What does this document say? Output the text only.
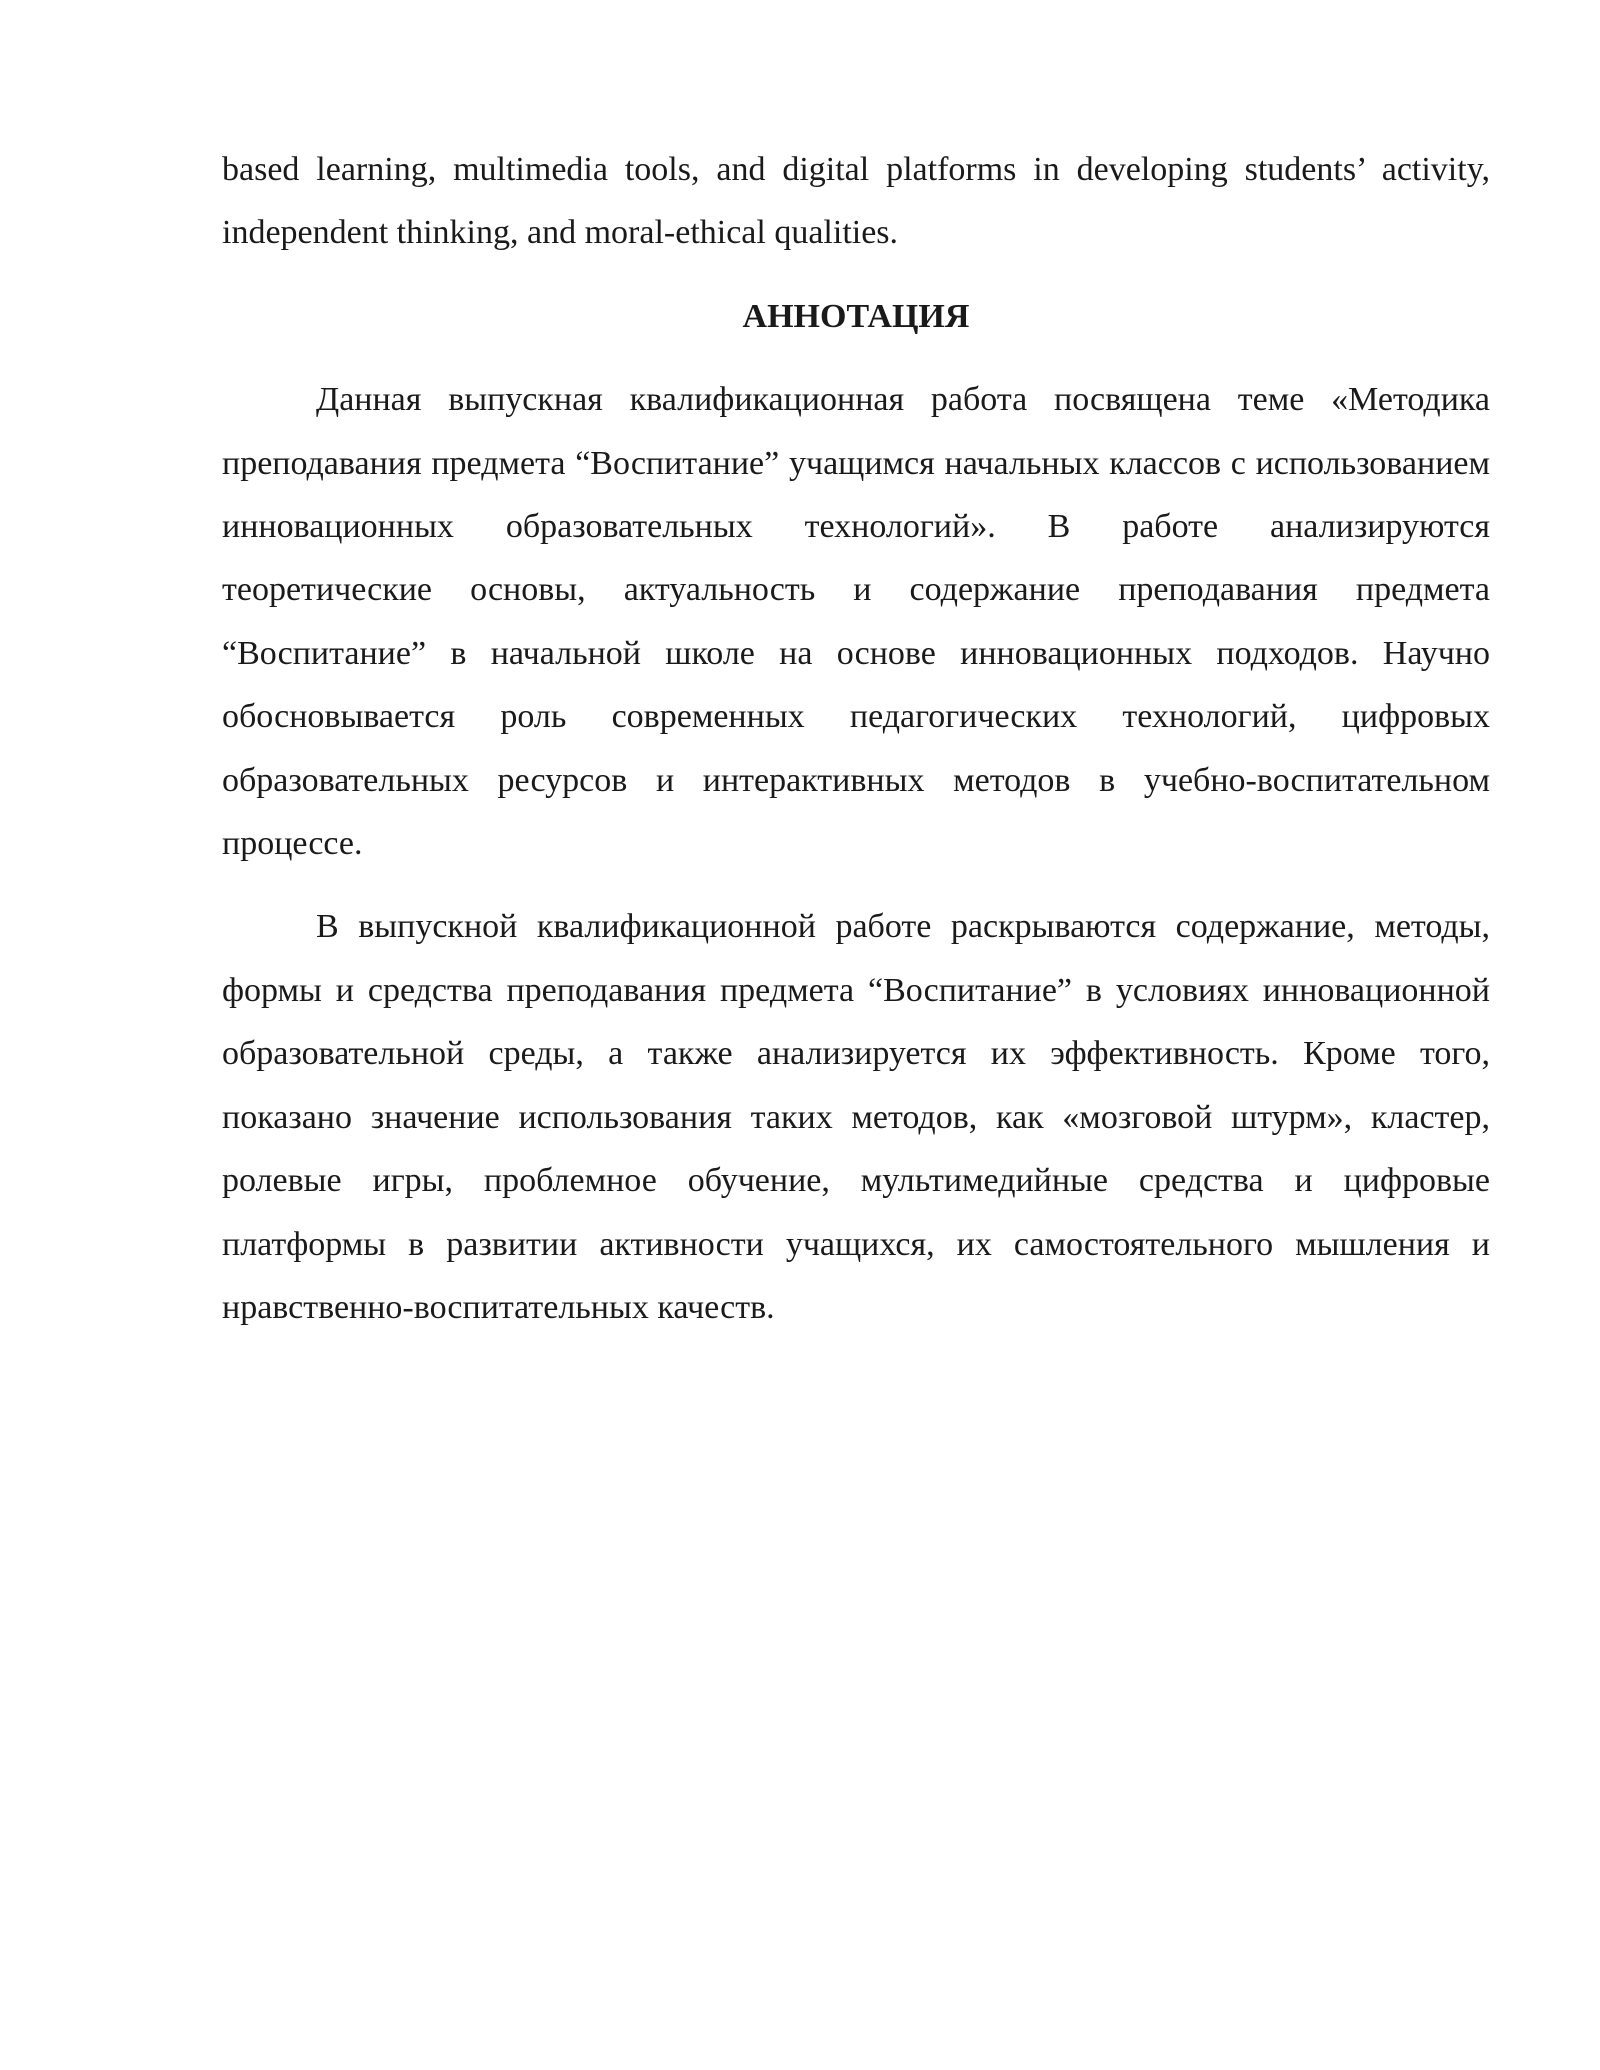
based learning, multimedia tools, and digital platforms in developing students’ activity, independent thinking, and moral-ethical qualities.

АННОТАЦИЯ

Данная выпускная квалификационная работа посвящена теме «Методика преподавания предмета “Воспитание” учащимся начальных классов с использованием инновационных образовательных технологий». В работе анализируются теоретические основы, актуальность и содержание преподавания предмета “Воспитание” в начальной школе на основе инновационных подходов. Научно обосновывается роль современных педагогических технологий, цифровых образовательных ресурсов и интерактивных методов в учебно-воспитательном процессе.

В выпускной квалификационной работе раскрываются содержание, методы, формы и средства преподавания предмета “Воспитание” в условиях инновационной образовательной среды, а также анализируется их эффективность. Кроме того, показано значение использования таких методов, как «мозговой штурм», кластер, ролевые игры, проблемное обучение, мультимедийные средства и цифровые платформы в развитии активности учащихся, их самостоятельного мышления и нравственно-воспитательных качеств.
